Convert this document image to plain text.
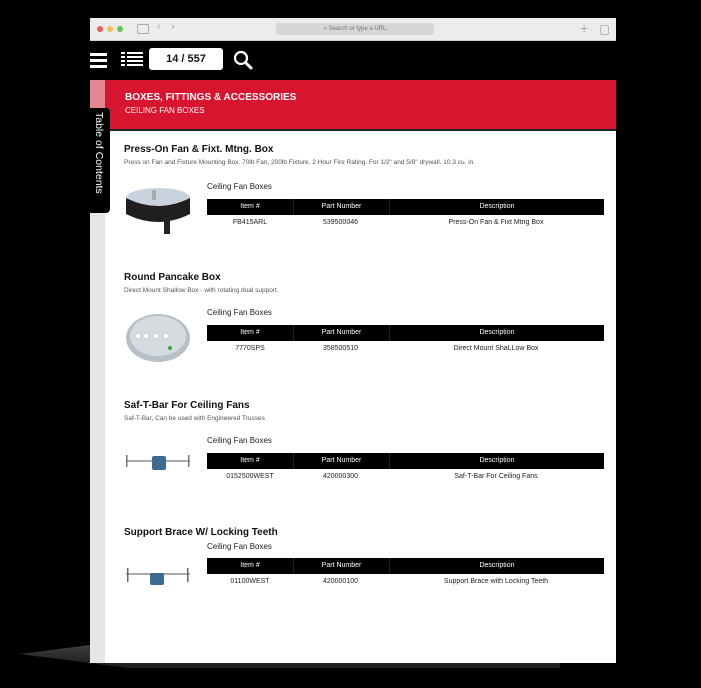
‹ ›	⌕ Search or type a URL	+
14 / 557
BOXES, FITTINGS & ACCESSORIES
CEILING FAN BOXES
Table of Contents Press-On Fan & Fixt. Mtng. Box
Press on Fan and Fixture Mounting Box. 70lb Fan, 200lb Fixture. 2 Hour Fire Rating. For 1/2" and 5/8" drywall. 10.3 cu. in.
Ceiling Fan Boxes
Item #	Part Number	Description
FB415ARL	539500046	Press-On Fan & Fixt Mtng Box
Round Pancake Box
Direct Mount Shallow Box - with rotating dual support.
Ceiling Fan Boxes
Item #	Part Number	Description
7770SPS	358500510	Direct Mount ShaLLow Box
Saf-T-Bar For Ceiling Fans
Saf-T-Bar, Can be used with Engineered Trusses
Ceiling Fan Boxes
Item #	Part Number	Description
0152500WEST	420000300	Saf-T-Bar For Ceiling Fans
Support Brace W/ Locking Teeth
Ceiling Fan Boxes
Item #	Part Number	Description
01100WEST	420000100	Support Brace with Locking Teeth
